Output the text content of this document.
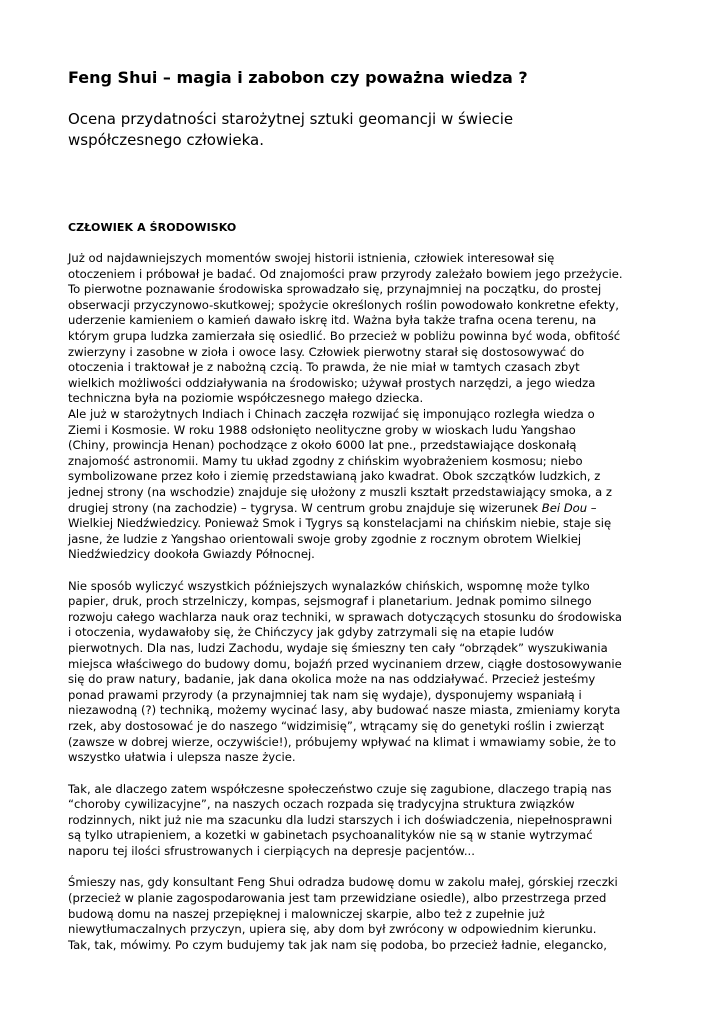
Feng Shui – magia i zabobon czy poważna wiedza ?
Ocena przydatności starożytnej sztuki geomancji w świecie współczesnego człowieka.
CZŁOWIEK A ŚRODOWISKO

Już od najdawniejszych momentów swojej historii istnienia, człowiek interesował się
otoczeniem i próbował je badać. Od znajomości praw przyrody zależało bowiem jego przeżycie.
To pierwotne poznawanie środowiska sprowadzało się, przynajmniej na początku, do prostej
obserwacji przyczynowo-skutkowej; spożycie określonych roślin powodowało konkretne efekty,
uderzenie kamieniem o kamień dawało iskrę itd. Ważna była także trafna ocena terenu, na
którym grupa ludzka zamierzała się osiedlić. Bo przecież w pobliżu powinna być woda, obfitość
zwierzyny i zasobne w zioła i owoce lasy. Człowiek pierwotny starał się dostosowywać do
otoczenia i traktował je z nabożną czcią. To prawda, że nie miał w tamtych czasach zbyt
wielkich możliwości oddziaływania na środowisko; używał prostych narzędzi, a jego wiedza
techniczna była na poziomie współczesnego małego dziecka.
Ale już w starożytnych Indiach i Chinach zaczęła rozwijać się imponująco rozległa wiedza o
Ziemi i Kosmosie. W roku 1988 odsłonięto neolityczne groby w wioskach ludu Yangshao
(Chiny, prowincja Henan) pochodzące z około 6000 lat pne., przedstawiające doskonałą
znajomość astronomii. Mamy tu układ zgodny z chińskim wyobrażeniem kosmosu; niebo
symbolizowane przez koło i ziemię przedstawianą jako kwadrat. Obok szczątków ludzkich, z
jednej strony (na wschodzie) znajduje się ułożony z muszli kształt przedstawiający smoka, a z
drugiej strony (na zachodzie) – tygrysa. W centrum grobu znajduje się wizerunek Bei Dou –
Wielkiej Niedźwiedzicy. Ponieważ Smok i Tygrys są konstelacjami na chińskim niebie, staje się
jasne, że ludzie z Yangshao orientowali swoje groby zgodnie z rocznym obrotem Wielkiej
Niedźwiedzicy dookoła Gwiazdy Północnej.

Nie sposób wyliczyć wszystkich późniejszych wynalazków chińskich, wspomnę może tylko
papier, druk, proch strzelniczy, kompas, sejsmograf i planetarium. Jednak pomimo silnego
rozwoju całego wachlarza nauk oraz techniki, w sprawach dotyczących stosunku do środowiska
i otoczenia, wydawałoby się, że Chińczycy jak gdyby zatrzymali się na etapie ludów
pierwotnych. Dla nas, ludzi Zachodu, wydaje się śmieszny ten cały “obrządek” wyszukiwania
miejsca właściwego do budowy domu, bojaźń przed wycinaniem drzew, ciągłe dostosowywanie
się do praw natury, badanie, jak dana okolica może na nas oddziaływać. Przecież jesteśmy
ponad prawami przyrody (a przynajmniej tak nam się wydaje), dysponujemy wspaniałą i
niezawodną (?) techniką, możemy wycinać lasy, aby budować nasze miasta, zmieniamy koryta
rzek, aby dostosować je do naszego “widzimisię”, wtrącamy się do genetyki roślin i zwierząt
(zawsze w dobrej wierze, oczywiście!), próbujemy wpływać na klimat i wmawiamy sobie, że to
wszystko ułatwia i ulepsza nasze życie.

Tak, ale dlaczego zatem współczesne społeczeństwo czuje się zagubione, dlaczego trapią nas
“choroby cywilizacyjne”, na naszych oczach rozpada się tradycyjna struktura związków
rodzinnych, nikt już nie ma szacunku dla ludzi starszych i ich doświadczenia, niepełnosprawni
są tylko utrapieniem, a kozetki w gabinetach psychoanalityków nie są w stanie wytrzymać
naporu tej ilości sfrustrowanych i cierpiących na depresje pacjentów...

Śmieszy nas, gdy konsultant Feng Shui odradza budowę domu w zakolu małej, górskiej rzeczki
(przecież w planie zagospodarowania jest tam przewidziane osiedle), albo przestrzega przed
budową domu na naszej przepięknej i malowniczej skarpie, albo też z zupełnie już
niewytłumaczalnych przyczyn, upiera się, aby dom był zwrócony w odpowiednim kierunku.
Tak, tak, mówimy. Po czym budujemy tak jak nam się podoba, bo przecież ładnie, elegancko,
